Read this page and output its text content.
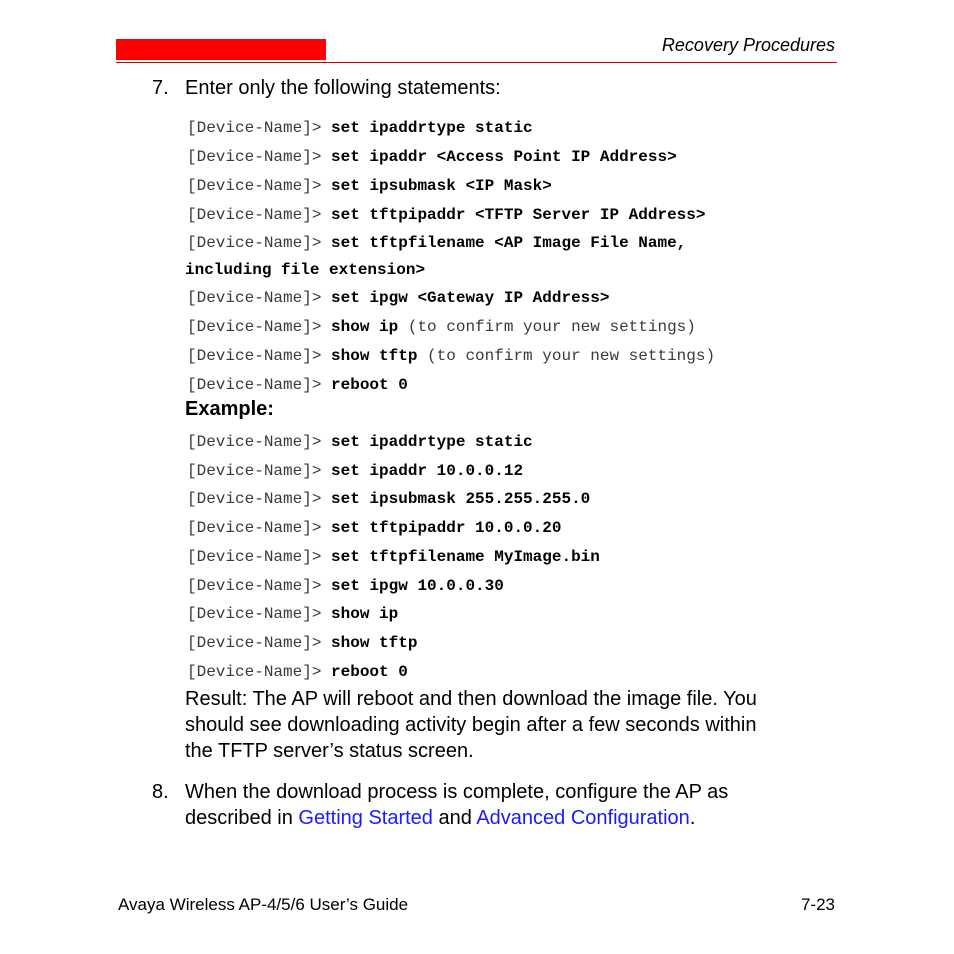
Recovery Procedures
7. Enter only the following statements:
Example:
Result: The AP will reboot and then download the image file. You
should see downloading activity begin after a few seconds within
the TFTP server’s status screen.
8. When the download process is complete, configure the AP as
described in Getting Started and Advanced Configuration.
Avaya Wireless AP-4/5/6 User’s Guide	7-23
[Device-Name]> set ipaddrtype static
[Device-Name]> set ipaddr <Access Point IP Address>
[Device-Name]> set ipsubmask <IP Mask>
[Device-Name]> set tftpipaddr <TFTP Server IP Address>
[Device-Name]> set tftpfilename <AP Image File Name,
including file extension>
[Device-Name]> set ipgw <Gateway IP Address>
[Device-Name]> show ip (to confirm your new settings)
[Device-Name]> show tftp (to confirm your new settings)
[Device-Name]> reboot 0
[Device-Name]> set ipaddrtype static
[Device-Name]> set ipaddr 10.0.0.12
[Device-Name]> set ipsubmask 255.255.255.0
[Device-Name]> set tftpipaddr 10.0.0.20
[Device-Name]> set tftpfilename MyImage.bin
[Device-Name]> set ipgw 10.0.0.30
[Device-Name]> show ip
[Device-Name]> show tftp
[Device-Name]> reboot 0
